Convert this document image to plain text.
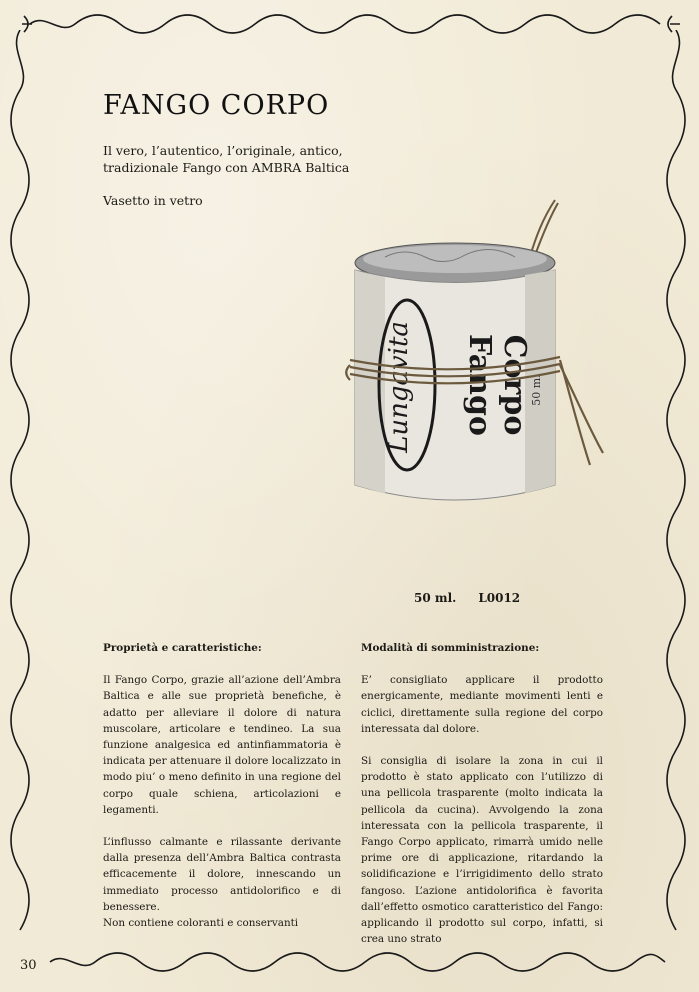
FANGO CORPO

Il vero, l’autentico, l’originale, antico, tradizionale Fango con AMBRA Baltica

Vasetto in vetro

Lungavita Fango Corpo
50 ml
50 ml. L0012
Proprietà e caratteristiche:

Il Fango Corpo, grazie all’azione dell’Ambra Baltica e alle sue proprietà benefiche, è adatto per alleviare il dolore di natura muscolare, articolare e tendineo. La sua funzione analgesica ed antinfiammatoria è indicata per attenuare il dolore localizzato in modo piu’ o meno definito in una regione del corpo quale schiena, articolazioni e legamenti.

L’influsso calmante e rilassante derivante dalla presenza dell’Ambra Baltica contrasta efficacemente il dolore, innescando un immediato processo antidolorifico e di benessere.

Non contiene coloranti e conservanti

Modalità di somministrazione:

E’ consigliato applicare il prodotto energicamente, mediante movimenti lenti e ciclici, direttamente sulla regione del corpo interessata dal dolore.

Si consiglia di isolare la zona in cui il prodotto è stato applicato con l’utilizzo di una pellicola trasparente (molto indicata la pellicola da cucina). Avvolgendo la zona interessata con la pellicola trasparente, il Fango Corpo applicato, rimarrà umido nelle prime ore di applicazione, ritardando la solidificazione e l’irrigidimento dello strato fangoso. L’azione antidolorifica è favorita dall’effetto osmotico caratteristico del Fango: applicando il prodotto sul corpo, infatti, si crea uno strato

30
